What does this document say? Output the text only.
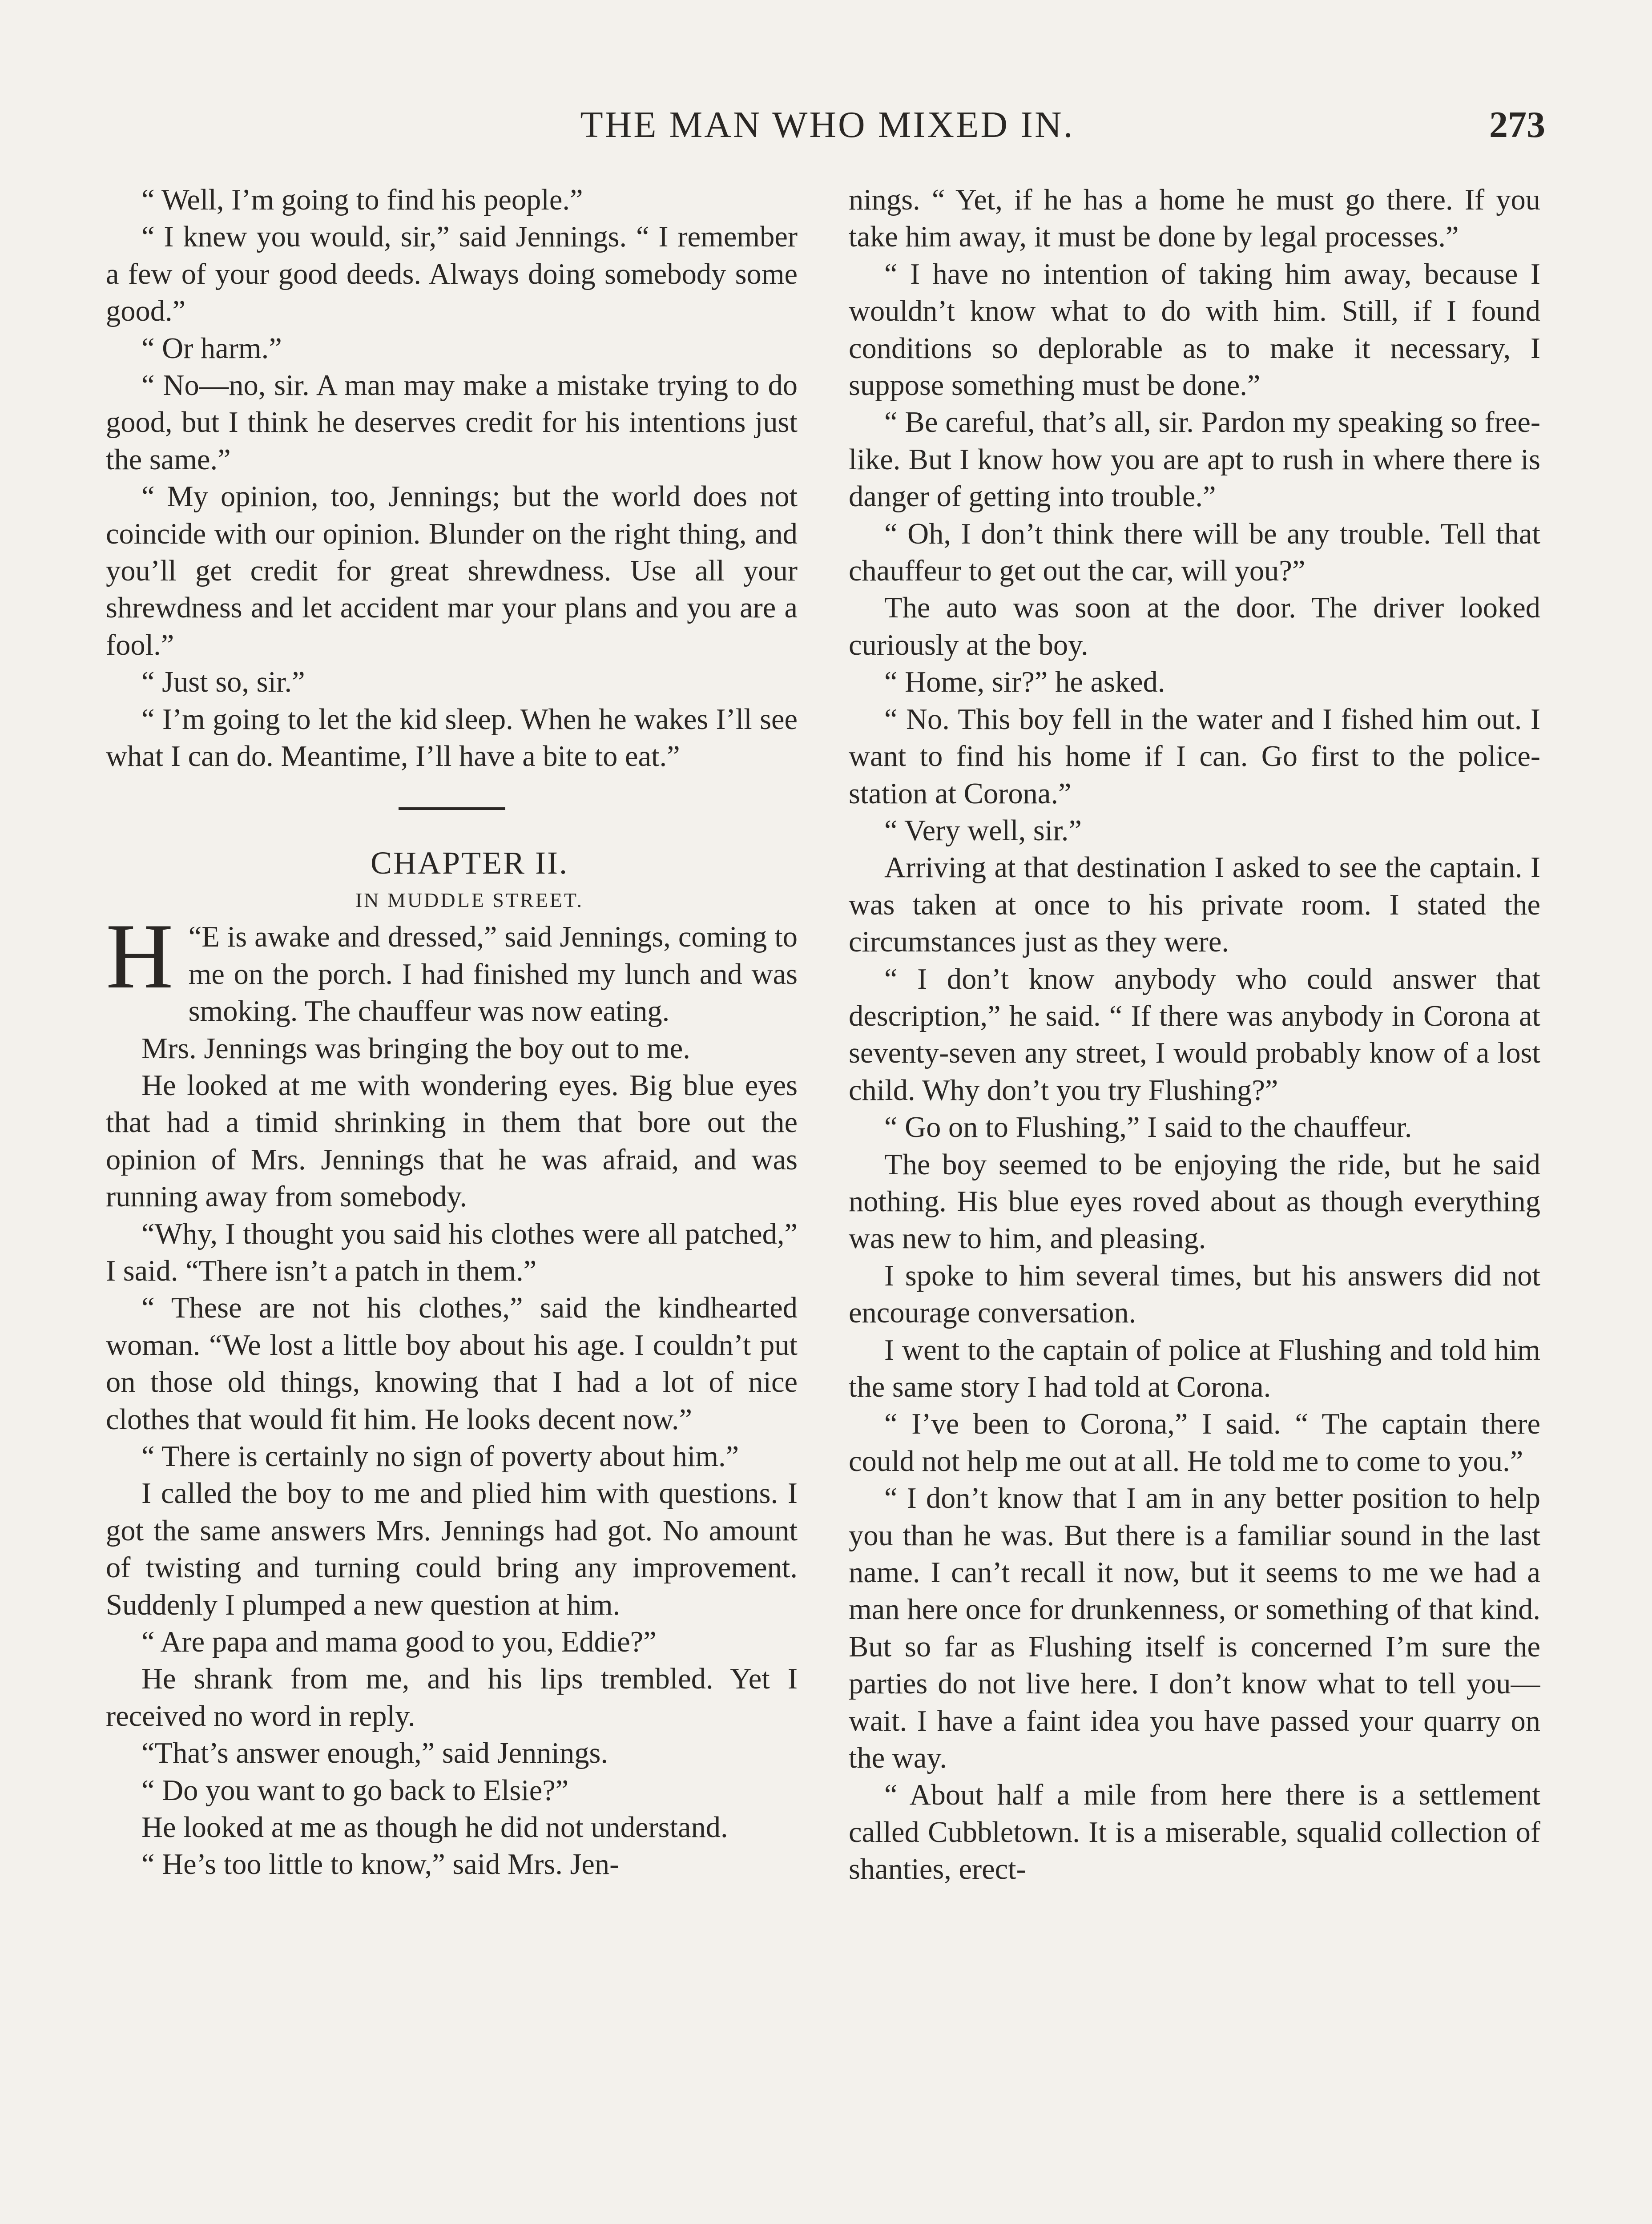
THE MAN WHO MIXED IN.	273

“ Well, I’m going to find his people.”

“ I knew you would, sir,” said Jennings. “ I remember a few of your good deeds. Always doing somebody some good.”

“ Or harm.”

“ No—no, sir. A man may make a mistake trying to do good, but I think he deserves credit for his intentions just the same.”

“ My opinion, too, Jennings; but the world does not coincide with our opinion. Blunder on the right thing, and you’ll get credit for great shrewdness. Use all your shrewdness and let accident mar your plans and you are a fool.”

“ Just so, sir.”

“ I’m going to let the kid sleep. When he wakes I’ll see what I can do. Meantime, I’ll have a bite to eat.”

CHAPTER II.

IN MUDDLE STREET.

“
H E is awake and dressed,” said Jennings, coming to me on the porch. I had finished my lunch and was smoking. The chauffeur was now eating.

Mrs. Jennings was bringing the boy out to me.

He looked at me with wondering eyes. Big blue eyes that had a timid shrinking in them that bore out the opinion of Mrs. Jennings that he was afraid, and was running away from somebody.

“Why, I thought you said his clothes were all patched,” I said. “There isn’t a patch in them.”

“ These are not his clothes,” said the kindhearted woman. “We lost a little boy about his age. I couldn’t put on those old things, knowing that I had a lot of nice clothes that would fit him. He looks decent now.”

“ There is certainly no sign of poverty about him.”

I called the boy to me and plied him with questions. I got the same answers Mrs. Jennings had got. No amount of twisting and turning could bring any improvement. Suddenly I plumped a new question at him.

“ Are papa and mama good to you, Eddie?”

He shrank from me, and his lips trembled. Yet I received no word in reply.

“That’s answer enough,” said Jennings.

“ Do you want to go back to Elsie?”

He looked at me as though he did not understand.

“ He’s too little to know,” said Mrs. Jen-

nings. “ Yet, if he has a home he must go there. If you take him away, it must be done by legal processes.”

“ I have no intention of taking him away, because I wouldn’t know what to do with him. Still, if I found conditions so deplorable as to make it necessary, I suppose something must be done.”

“ Be careful, that’s all, sir. Pardon my speaking so free-like. But I know how you are apt to rush in where there is danger of getting into trouble.”

“ Oh, I don’t think there will be any trouble. Tell that chauffeur to get out the car, will you?”

The auto was soon at the door. The driver looked curiously at the boy.

“ Home, sir?” he asked.

“ No. This boy fell in the water and I fished him out. I want to find his home if I can. Go first to the police-station at Corona.”

“ Very well, sir.”

Arriving at that destination I asked to see the captain. I was taken at once to his private room. I stated the circumstances just as they were.

“ I don’t know anybody who could answer that description,” he said. “ If there was anybody in Corona at seventy-seven any street, I would probably know of a lost child. Why don’t you try Flushing?”

“ Go on to Flushing,” I said to the chauffeur.

The boy seemed to be enjoying the ride, but he said nothing. His blue eyes roved about as though everything was new to him, and pleasing.

I spoke to him several times, but his answers did not encourage conversation.

I went to the captain of police at Flushing and told him the same story I had told at Corona.

“ I’ve been to Corona,” I said. “ The captain there could not help me out at all. He told me to come to you.”

“ I don’t know that I am in any better position to help you than he was. But there is a familiar sound in the last name. I can’t recall it now, but it seems to me we had a man here once for drunkenness, or something of that kind. But so far as Flushing itself is concerned I’m sure the parties do not live here. I don’t know what to tell you—wait. I have a faint idea you have passed your quarry on the way.

“ About half a mile from here there is a settlement called Cubbletown. It is a miserable, squalid collection of shanties, erect-
